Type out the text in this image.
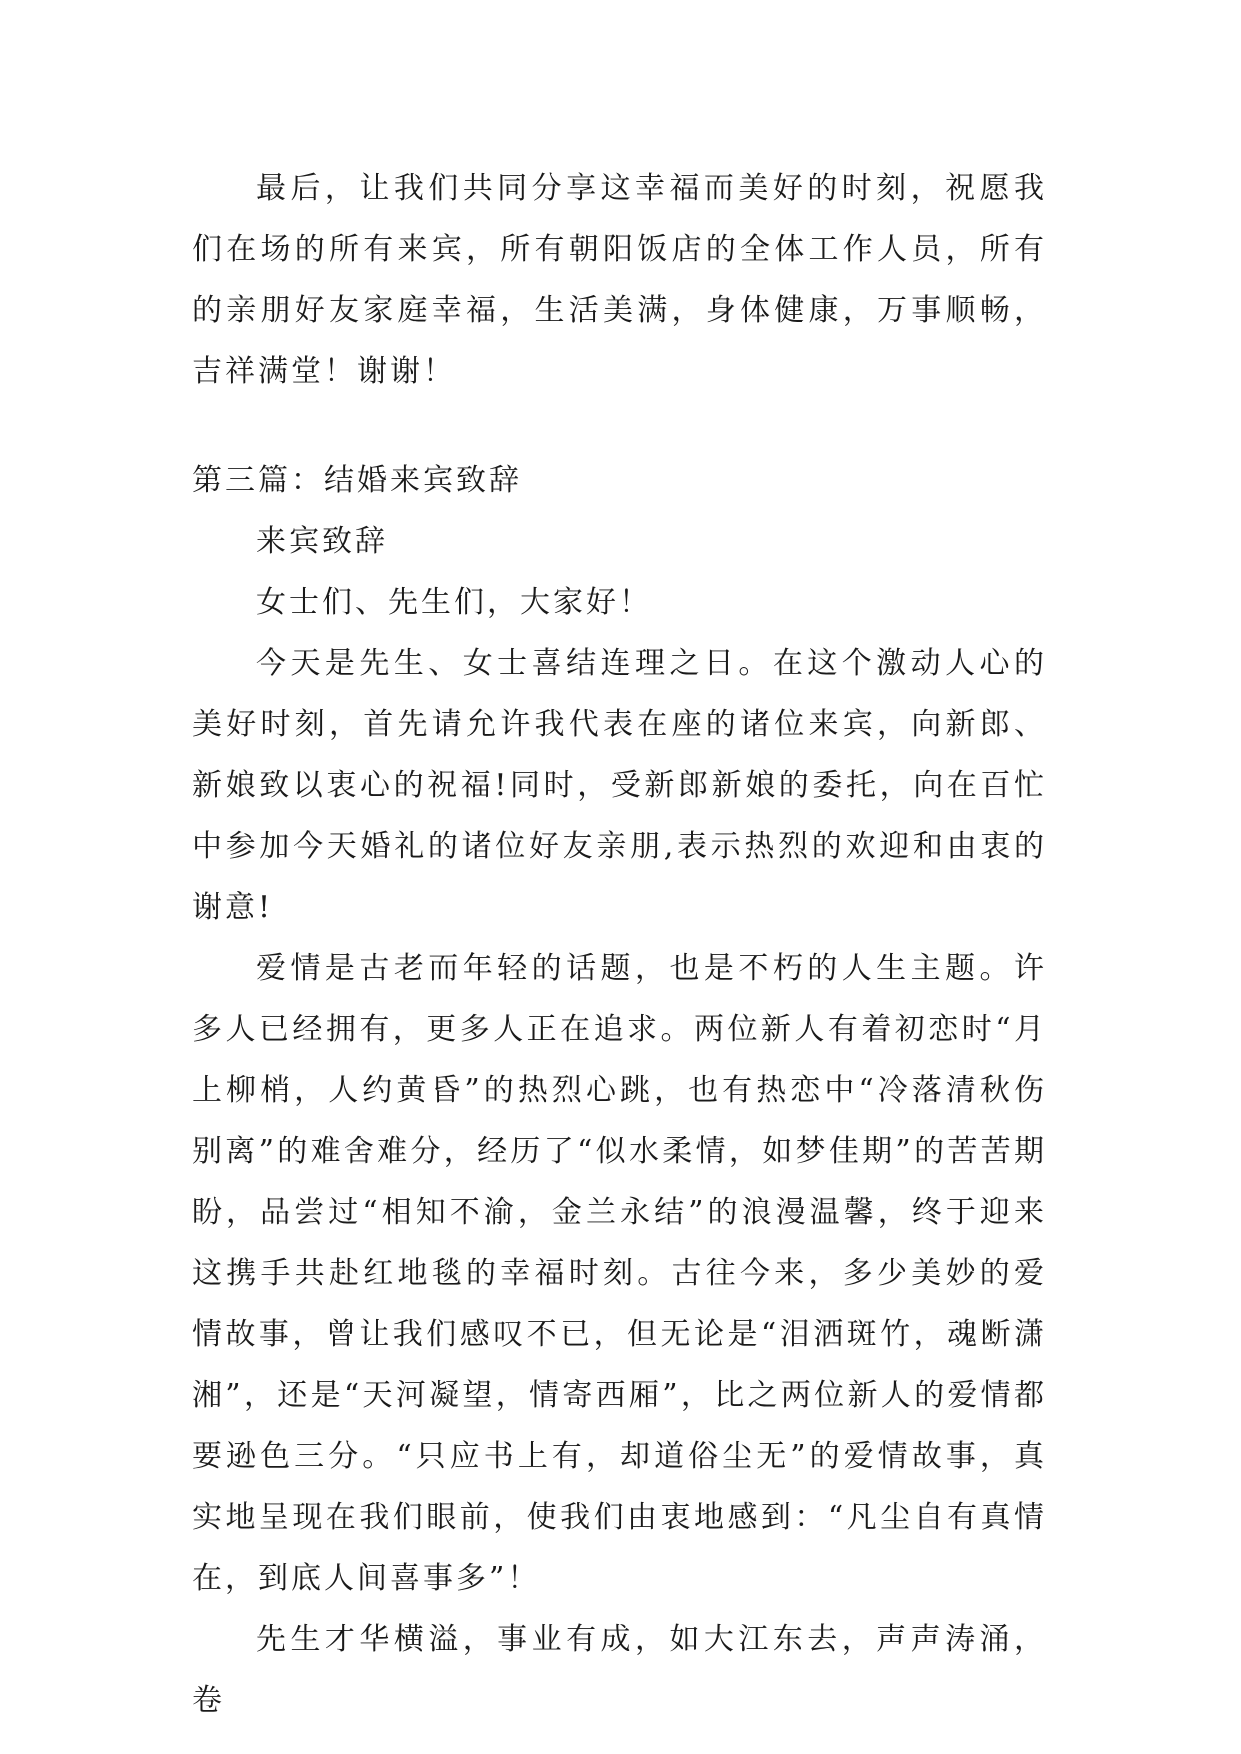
最后，让我们共同分享这幸福而美好的时刻，祝愿我们在场的所有来宾，所有朝阳饭店的全体工作人员，所有的亲朋好友家庭幸福，生活美满，身体健康，万事顺畅，吉祥满堂！谢谢！

第三篇：结婚来宾致辞

来宾致辞

女士们、先生们，大家好！

今天是先生、女士喜结连理之日。在这个激动人心的美好时刻，首先请允许我代表在座的诸位来宾，向新郎、新娘致以衷心的祝福!同时，受新郎新娘的委托，向在百忙中参加今天婚礼的诸位好友亲朋,表示热烈的欢迎和由衷的谢意!

爱情是古老而年轻的话题，也是不朽的人生主题。许多人已经拥有，更多人正在追求。两位新人有着初恋时“月上柳梢，人约黄昏”的热烈心跳，也有热恋中“冷落清秋伤别离”的难舍难分，经历了“似水柔情，如梦佳期”的苦苦期盼，品尝过“相知不渝，金兰永结”的浪漫温馨，终于迎来这携手共赴红地毯的幸福时刻。古往今来，多少美妙的爱情故事，曾让我们感叹不已，但无论是“泪洒斑竹，魂断潇湘”，还是“天河凝望，情寄西厢”，比之两位新人的爱情都要逊色三分。“只应书上有，却道俗尘无”的爱情故事，真实地呈现在我们眼前，使我们由衷地感到：“凡尘自有真情在，到底人间喜事多”！

先生才华横溢，事业有成，如大江东去，声声涛涌，卷
